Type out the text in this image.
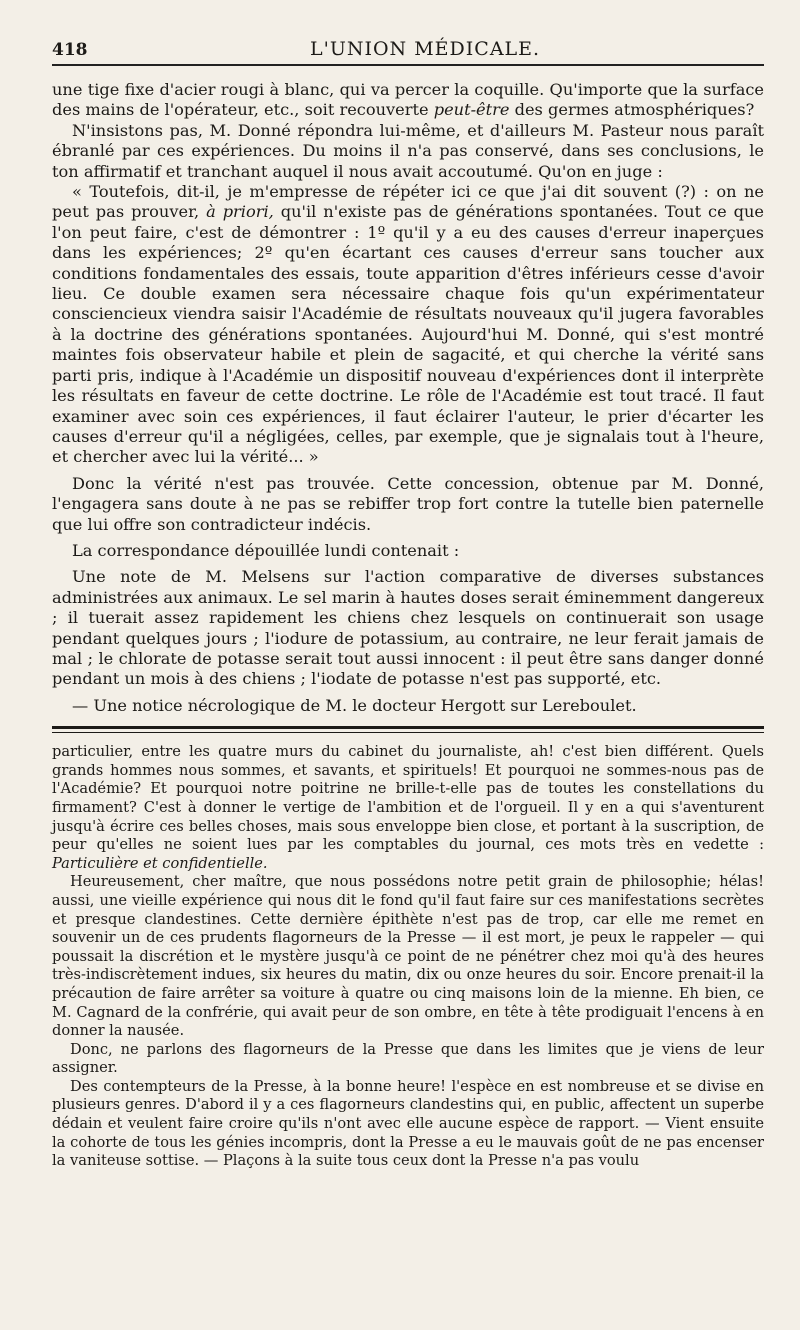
418	L'UNION MÉDICALE.

une tige fixe d'acier rougi à blanc, qui va percer la coquille. Qu'importe que la surface des mains de l'opérateur, etc., soit recouverte peut-être des germes atmosphériques?

N'insistons pas, M. Donné répondra lui-même, et d'ailleurs M. Pasteur nous paraît ébranlé par ces expériences. Du moins il n'a pas conservé, dans ses conclusions, le ton affirmatif et tranchant auquel il nous avait accoutumé. Qu'on en juge :

« Toutefois, dit-il, je m'empresse de répéter ici ce que j'ai dit souvent (?) : on ne peut pas prouver, à priori, qu'il n'existe pas de générations spontanées. Tout ce que l'on peut faire, c'est de démontrer : 1º qu'il y a eu des causes d'erreur inaperçues dans les expériences; 2º qu'en écartant ces causes d'erreur sans toucher aux conditions fondamentales des essais, toute apparition d'êtres inférieurs cesse d'avoir lieu. Ce double examen sera nécessaire chaque fois qu'un expérimentateur consciencieux viendra saisir l'Académie de résultats nouveaux qu'il jugera favorables à la doctrine des générations spontanées. Aujourd'hui M. Donné, qui s'est montré maintes fois observateur habile et plein de sagacité, et qui cherche la vérité sans parti pris, indique à l'Académie un dispositif nouveau d'expériences dont il interprète les résultats en faveur de cette doctrine. Le rôle de l'Académie est tout tracé. Il faut examiner avec soin ces expériences, il faut éclairer l'auteur, le prier d'écarter les causes d'erreur qu'il a négligées, celles, par exemple, que je signalais tout à l'heure, et chercher avec lui la vérité... »

Donc la vérité n'est pas trouvée. Cette concession, obtenue par M. Donné, l'engagera sans doute à ne pas se rebiffer trop fort contre la tutelle bien paternelle que lui offre son contradicteur indécis.

La correspondance dépouillée lundi contenait :

Une note de M. Melsens sur l'action comparative de diverses substances administrées aux animaux. Le sel marin à hautes doses serait éminemment dangereux ; il tuerait assez rapidement les chiens chez lesquels on continuerait son usage pendant quelques jours ; l'iodure de potassium, au contraire, ne leur ferait jamais de mal ; le chlorate de potasse serait tout aussi innocent : il peut être sans danger donné pendant un mois à des chiens ; l'iodate de potasse n'est pas supporté, etc.

— Une notice nécrologique de M. le docteur Hergott sur Lereboulet.

particulier, entre les quatre murs du cabinet du journaliste, ah! c'est bien différent. Quels grands hommes nous sommes, et savants, et spirituels! Et pourquoi ne sommes-nous pas de l'Académie? Et pourquoi notre poitrine ne brille-t-elle pas de toutes les constellations du firmament? C'est à donner le vertige de l'ambition et de l'orgueil. Il y en a qui s'aventurent jusqu'à écrire ces belles choses, mais sous enveloppe bien close, et portant à la suscription, de peur qu'elles ne soient lues par les comptables du journal, ces mots très en vedette : Particulière et confidentielle.

Heureusement, cher maître, que nous possédons notre petit grain de philosophie; hélas! aussi, une vieille expérience qui nous dit le fond qu'il faut faire sur ces manifestations secrètes et presque clandestines. Cette dernière épithète n'est pas de trop, car elle me remet en souvenir un de ces prudents flagorneurs de la Presse — il est mort, je peux le rappeler — qui poussait la discrétion et le mystère jusqu'à ce point de ne pénétrer chez moi qu'à des heures très-indiscrètement indues, six heures du matin, dix ou onze heures du soir. Encore prenait-il la précaution de faire arrêter sa voiture à quatre ou cinq maisons loin de la mienne. Eh bien, ce M. Cagnard de la confrérie, qui avait peur de son ombre, en tête à tête prodiguait l'encens à en donner la nausée.

Donc, ne parlons des flagorneurs de la Presse que dans les limites que je viens de leur assigner.

Des contempteurs de la Presse, à la bonne heure! l'espèce en est nombreuse et se divise en plusieurs genres. D'abord il y a ces flagorneurs clandestins qui, en public, affectent un superbe dédain et veulent faire croire qu'ils n'ont avec elle aucune espèce de rapport. — Vient ensuite la cohorte de tous les génies incompris, dont la Presse a eu le mauvais goût de ne pas encenser la vaniteuse sottise. — Plaçons à la suite tous ceux dont la Presse n'a pas voulu
